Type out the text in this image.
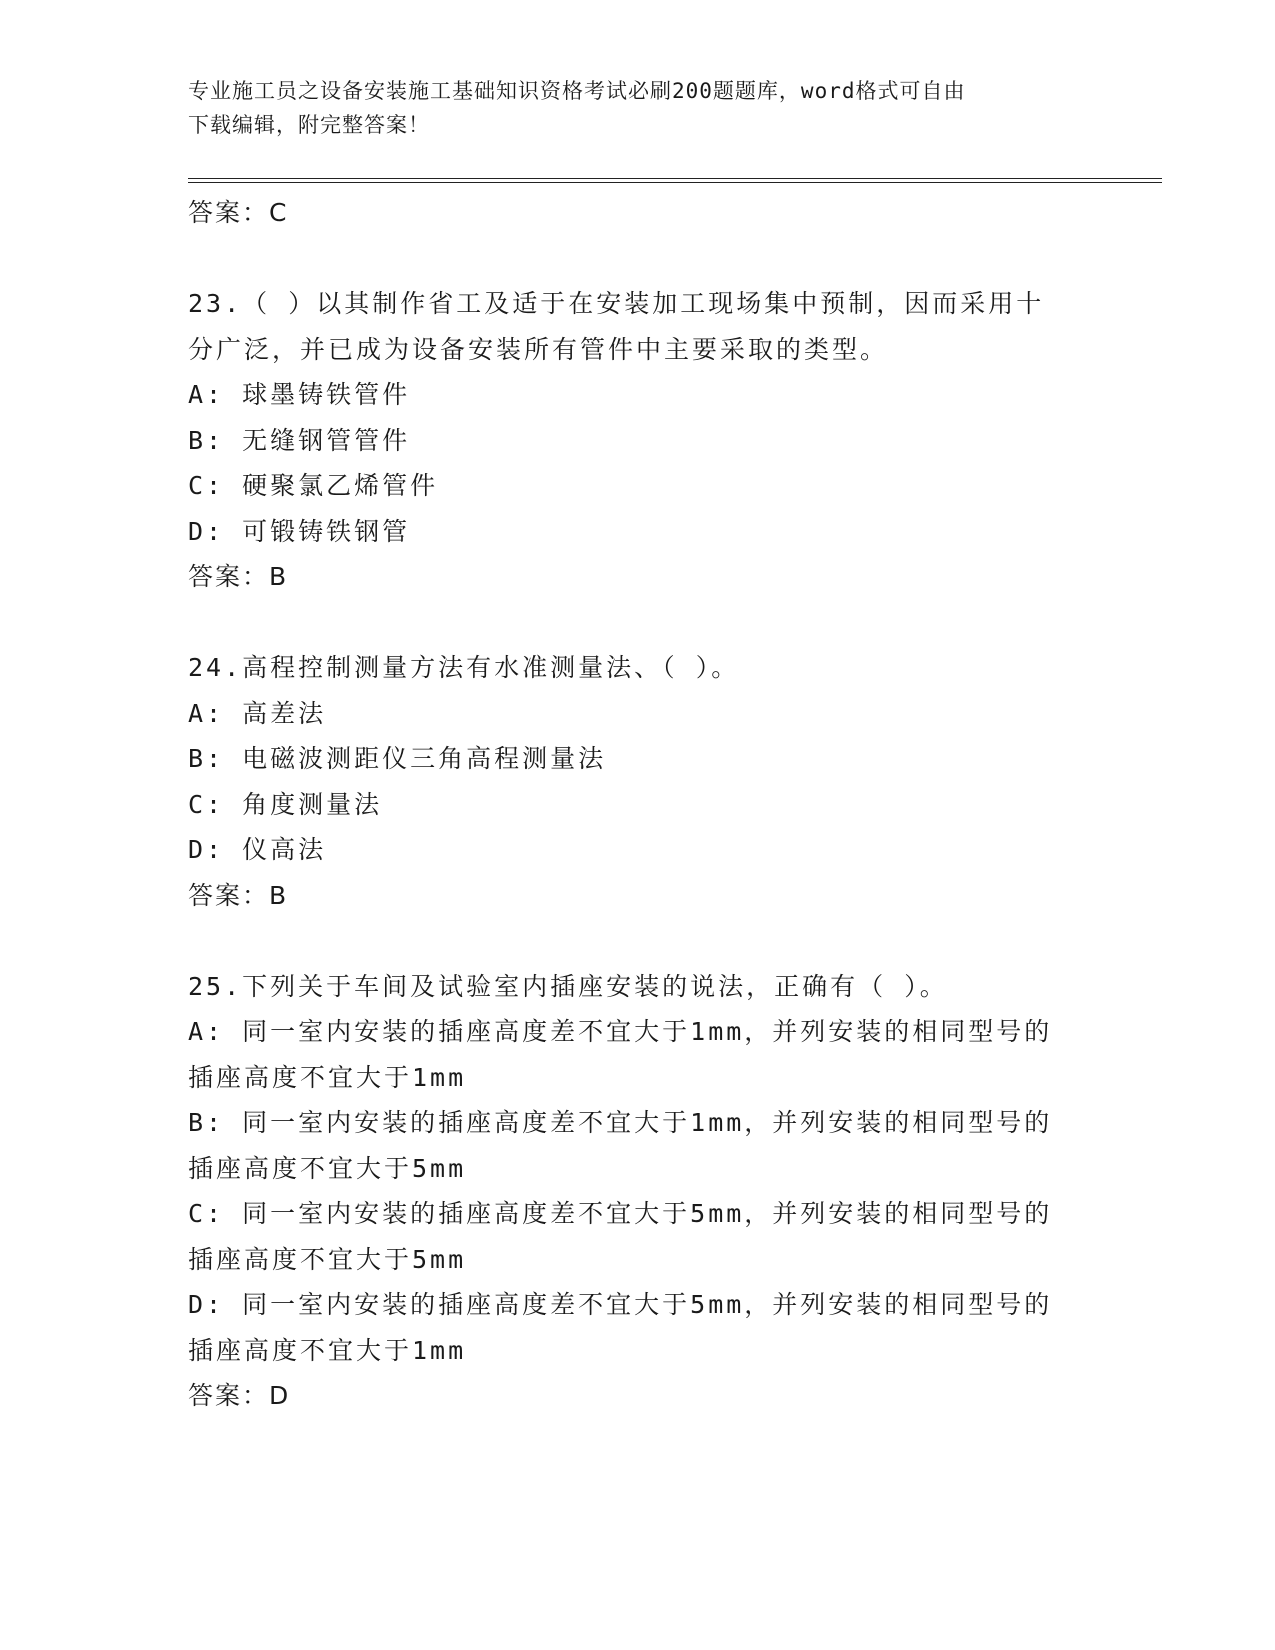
专业施工员之设备安装施工基础知识资格考试必刷200题题库，word格式可自由
下载编辑，附完整答案！
答案：C
23.（ ）以其制作省工及适于在安装加工现场集中预制，因而采用十
分广泛，并已成为设备安装所有管件中主要采取的类型。
A: 球墨铸铁管件
B: 无缝钢管管件
C: 硬聚氯乙烯管件
D: 可锻铸铁钢管
答案：B
24.高程控制测量方法有水准测量法、（ ）。
A: 高差法
B: 电磁波测距仪三角高程测量法
C: 角度测量法
D: 仪高法
答案：B
25.下列关于车间及试验室内插座安装的说法，正确有（ ）。
A: 同一室内安装的插座高度差不宜大于1mm，并列安装的相同型号的
插座高度不宜大于1mm
B: 同一室内安装的插座高度差不宜大于1mm，并列安装的相同型号的
插座高度不宜大于5mm
C: 同一室内安装的插座高度差不宜大于5mm，并列安装的相同型号的
插座高度不宜大于5mm
D: 同一室内安装的插座高度差不宜大于5mm，并列安装的相同型号的
插座高度不宜大于1mm
答案：D
